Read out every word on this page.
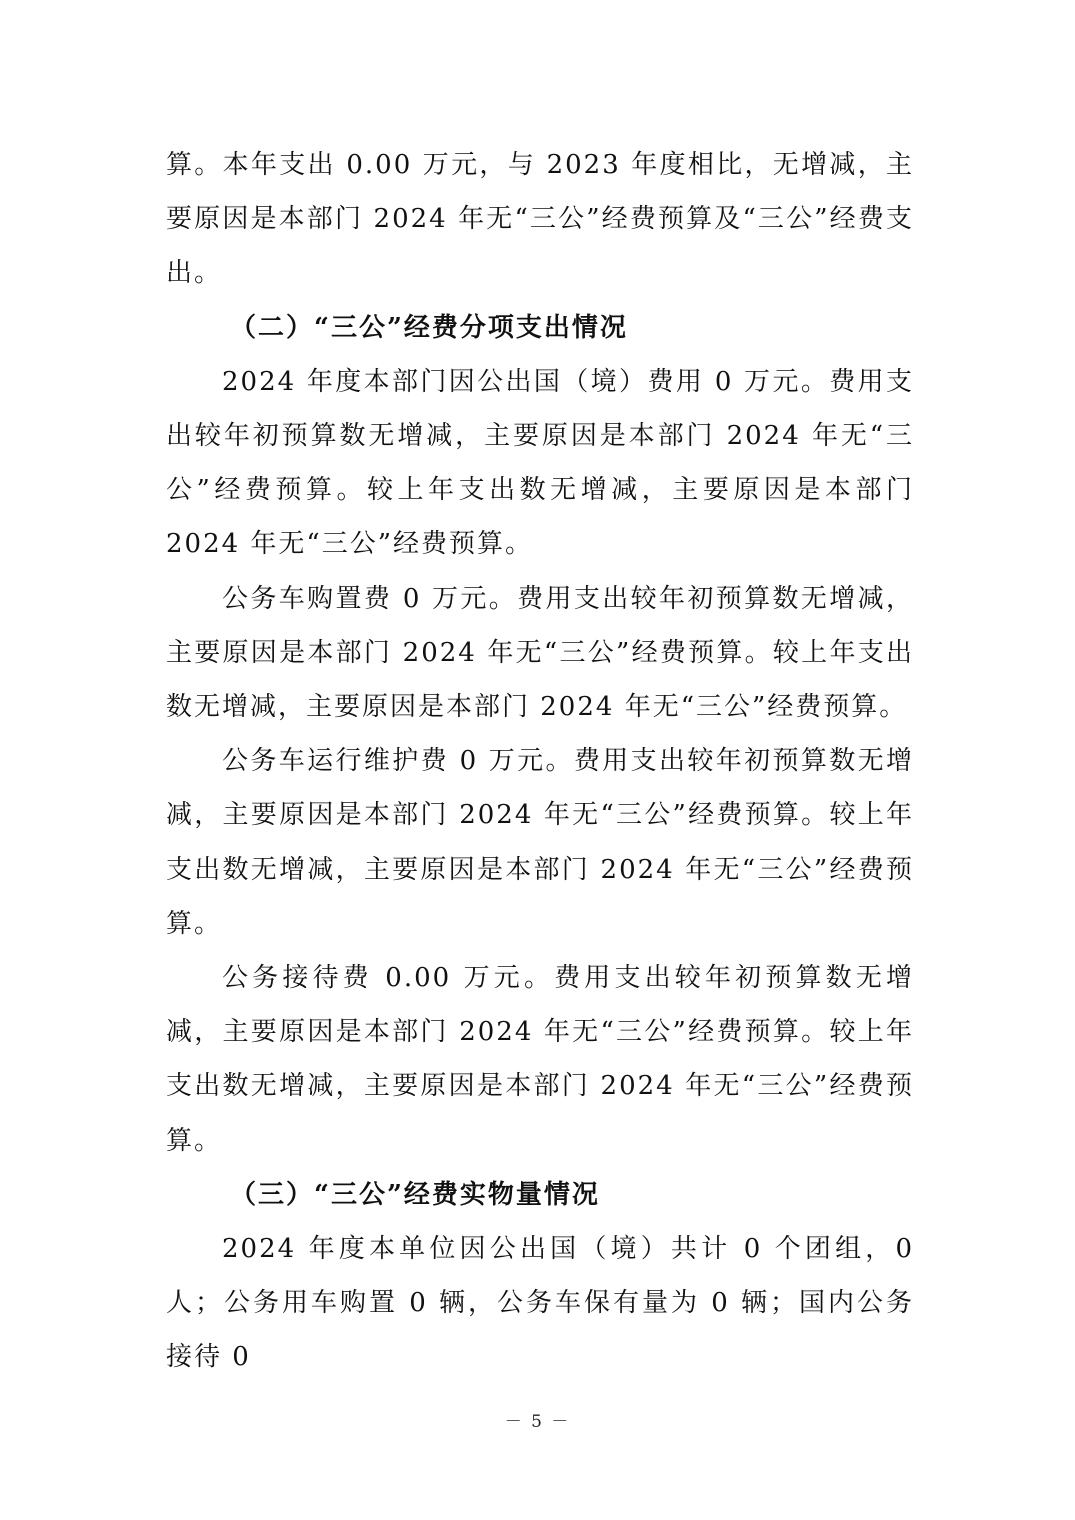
算。本年支出 0.00 万元，与 2023 年度相比，无增减，主要原因是本部门 2024 年无“三公”经费预算及“三公”经费支出。

（二）“三公”经费分项支出情况

2024 年度本部门因公出国（境）费用 0 万元。费用支出较年初预算数无增减，主要原因是本部门 2024 年无“三公”经费预算。较上年支出数无增减，主要原因是本部门 2024 年无“三公”经费预算。

公务车购置费 0 万元。费用支出较年初预算数无增减，主要原因是本部门 2024 年无“三公”经费预算。较上年支出数无增减，主要原因是本部门 2024 年无“三公”经费预算。

公务车运行维护费 0 万元。费用支出较年初预算数无增减，主要原因是本部门 2024 年无“三公”经费预算。较上年支出数无增减，主要原因是本部门 2024 年无“三公”经费预算。

公务接待费 0.00 万元。费用支出较年初预算数无增减，主要原因是本部门 2024 年无“三公”经费预算。较上年支出数无增减，主要原因是本部门 2024 年无“三公”经费预算。

（三）“三公”经费实物量情况

2024 年度本单位因公出国（境）共计 0 个团组，0 人；公务用车购置 0 辆，公务车保有量为 0 辆；国内公务接待 0

－ 5 －
